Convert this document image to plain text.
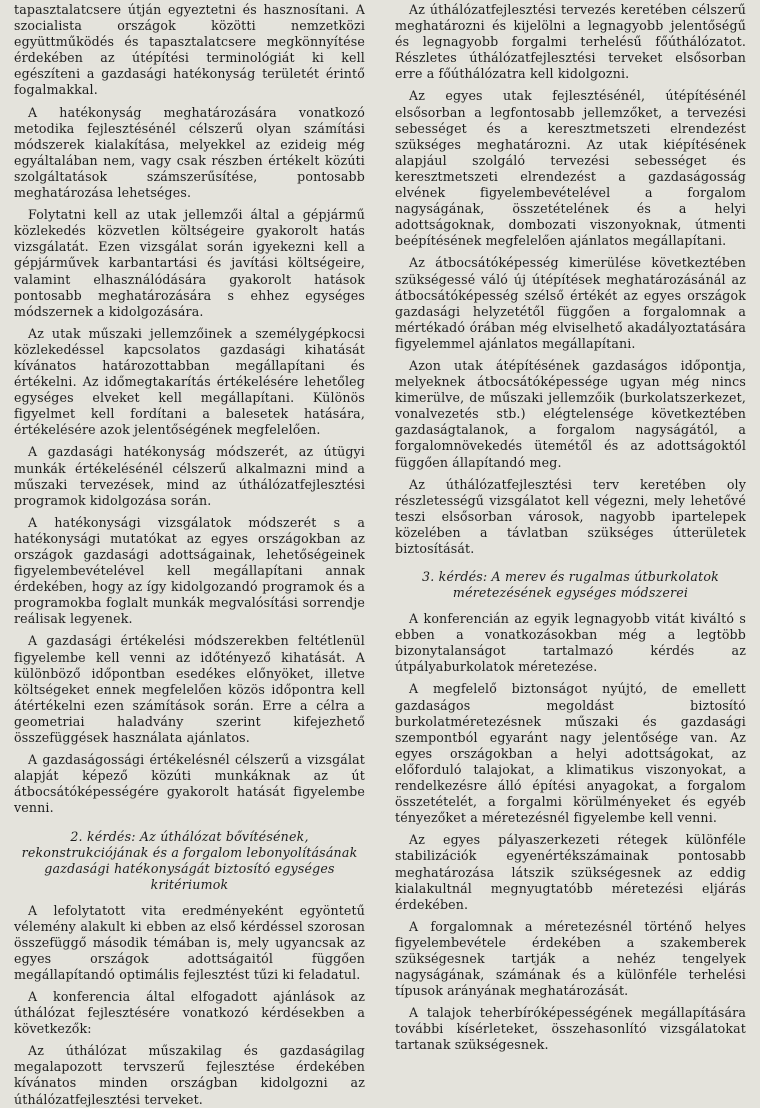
tapasztalatcsere útján egyeztetni és hasznosítani. A szocialista országok közötti nemzetközi együttműködés és tapasztalatcsere megkönnyítése érdekében az útépítési terminológiát ki kell egészíteni a gazdasági hatékonyság területét érintő fogalmakkal.

A hatékonyság meghatározására vonatkozó metodika fejlesztésénél célszerű olyan számítási módszerek kialakítása, melyekkel az ezideig még egyáltalában nem, vagy csak részben értékelt közúti szolgáltatások számszerűsítése, pontosabb meghatározása lehetséges.

Folytatni kell az utak jellemzői által a gépjármű közlekedés közvetlen költségeire gyakorolt hatás vizsgálatát. Ezen vizsgálat során igyekezni kell a gépjárművek karbantartási és javítási költségeire, valamint elhasználódására gyakorolt hatások pontosabb meghatározására s ehhez egységes módszernek a kidolgozására.

Az utak műszaki jellemzőinek a személygépkocsi közlekedéssel kapcsolatos gazdasági kihatását kívánatos határozottabban megállapítani és értékelni. Az időmegtakarítás értékelésére lehetőleg egységes elveket kell megállapítani. Különös figyelmet kell fordítani a balesetek hatására, értékelésére azok jelentőségének megfelelően.

A gazdasági hatékonyság módszerét, az útügyi munkák értékelésénél célszerű alkalmazni mind a műszaki tervezések, mind az úthálózatfejlesztési programok kidolgozása során.

A hatékonysági vizsgálatok módszerét s a hatékonysági mutatókat az egyes országokban az országok gazdasági adottságainak, lehetőségeinek figyelembevételével kell megállapítani annak érdekében, hogy az így kidolgozandó programok és a programokba foglalt munkák megvalósítási sorrendje reálisak legyenek.

A gazdasági értékelési módszerekben feltétlenül figyelembe kell venni az időtényező kihatását. A különböző időpontban esedékes előnyöket, illetve költségeket ennek megfelelően közös időpontra kell átértékelni ezen számítások során. Erre a célra a geometriai haladvány szerint kifejezhető összefüggések használata ajánlatos.

A gazdaságossági értékelésnél célszerű a vizsgálat alapját képező közúti munkáknak az út átbocsátóképességére gyakorolt hatását figyelembe venni.

2. kérdés: Az úthálózat bővítésének, rekonstrukciójának és a forgalom lebonyolításának gazdasági hatékonyságát biztosító egységes kritériumok

A lefolytatott vita eredményeként egyöntetű vélemény alakult ki ebben az első kérdéssel szorosan összefüggő második témában is, mely ugyancsak az egyes országok adottságaitól függően megállapítandó optimális fejlesztést tűzi ki feladatul.

A konferencia által elfogadott ajánlások az úthálózat fejlesztésére vonatkozó kérdésekben a következők:

Az úthálózat műszakilag és gazdaságilag megalapozott tervszerű fejlesztése érdekében kívánatos minden országban kidolgozni az úthálózatfejlesztési terveket.

Az úthálózatfejlesztési tervezés keretében célszerű meghatározni és kijelölni a legnagyobb jelentőségű és legnagyobb forgalmi terhelésű főúthálózatot. Részletes úthálózatfejlesztési terveket elsősorban erre a főúthálózatra kell kidolgozni.

Az egyes utak fejlesztésénél, útépítésénél elsősorban a legfontosabb jellemzőket, a tervezési sebességet és a keresztmetszeti elrendezést szükséges meghatározni. Az utak kiépítésének alapjául szolgáló tervezési sebességet és keresztmetszeti elrendezést a gazdaságosság elvének figyelembevételével a forgalom nagyságának, összetételének és a helyi adottságoknak, dombozati viszonyoknak, útmenti beépítésének megfelelően ajánlatos megállapítani.

Az átbocsátóképesség kimerülése következtében szükségessé váló új útépítések meghatározásánál az átbocsátóképesség szélső értékét az egyes országok gazdasági helyzetétől függően a forgalomnak a mértékadó órában még elviselhető akadályoztatására figyelemmel ajánlatos megállapítani.

Azon utak átépítésének gazdaságos időpontja, melyeknek átbocsátóképessége ugyan még nincs kimerülve, de műszaki jellemzőik (burkolatszerkezet, vonalvezetés stb.) elégtelensége következtében gazdaságtalanok, a forgalom nagyságától, a forgalomnövekedés ütemétől és az adottságoktól függően állapítandó meg.

Az úthálózatfejlesztési terv keretében oly részletességű vizsgálatot kell végezni, mely lehetővé teszi elsősorban városok, nagyobb ipartelepek közelében a távlatban szükséges útterületek biztosítását.

3. kérdés: A merev és rugalmas útburkolatok méretezésének egységes módszerei

A konferencián az egyik legnagyobb vitát kiváltó s ebben a vonatkozásokban még a legtöbb bizonytalanságot tartalmazó kérdés az útpályaburkolatok méretezése.

A megfelelő biztonságot nyújtó, de emellett gazdaságos megoldást biztosító burkolatméretezésnek műszaki és gazdasági szempontból egyaránt nagy jelentősége van. Az egyes országokban a helyi adottságokat, az előforduló talajokat, a klimatikus viszonyokat, a rendelkezésre álló építési anyagokat, a forgalom összetételét, a forgalmi körülményeket és egyéb tényezőket a méretezésnél figyelembe kell venni.

Az egyes pályaszerkezeti rétegek különféle stabilizációk egyenértékszámainak pontosabb meghatározása látszik szükségesnek az eddig kialakultnál megnyugtatóbb méretezési eljárás érdekében.

A forgalomnak a méretezésnél történő helyes figyelembevétele érdekében a szakemberek szükségesnek tartják a nehéz tengelyek nagyságának, számának és a különféle terhelési típusok arányának meghatározását.

A talajok teherbíróképességének megállapítására további kísérleteket, összehasonlító vizsgálatokat tartanak szükségesnek.
